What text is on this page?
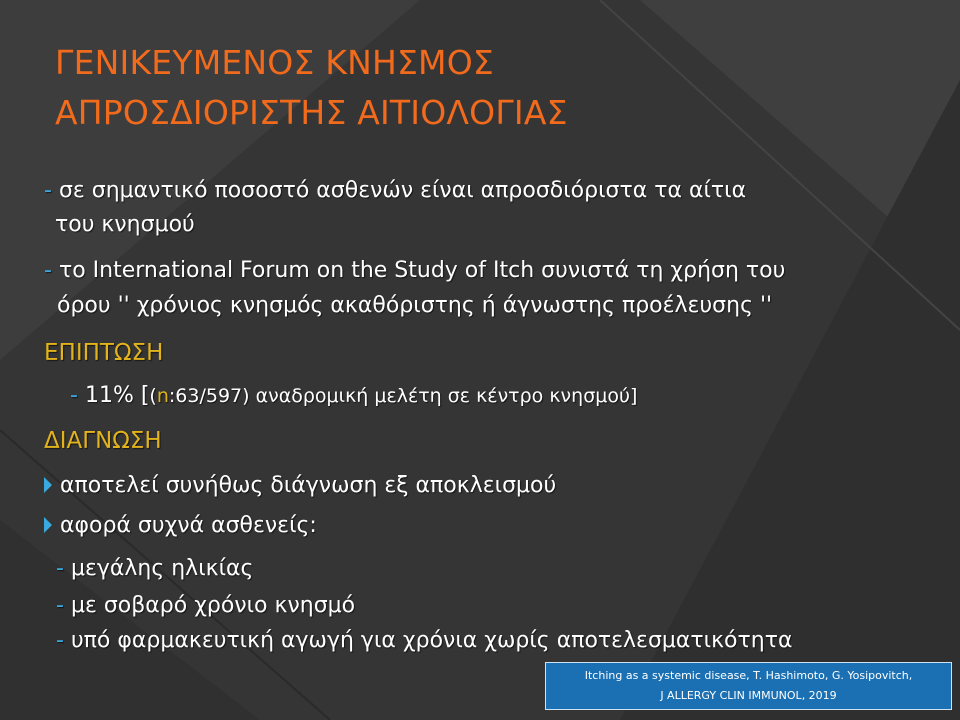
ΓΕΝΙΚΕΥΜΕΝΟΣ ΚΝΗΣΜΟΣ
ΑΠΡΟΣΔΙΟΡΙΣΤΗΣ ΑΙΤΙΟΛΟΓΙΑΣ
- σε σημαντικό ποσοστό ασθενών είναι απροσδιόριστα τα αίτια
του κνησμού
- το International Forum on the Study of Itch συνιστά τη χρήση του
όρου '' χρόνιος κνησμός ακαθόριστης ή άγνωστης προέλευσης ''
ΕΠΙΠΤΩΣΗ
- 11% [(n:63/597) αναδρομική μελέτη σε κέντρο κνησμού]
ΔΙΑΓΝΩΣΗ
αποτελεί συνήθως διάγνωση εξ αποκλεισμού
αφορά συχνά ασθενείς:
- μεγάλης ηλικίας
- με σοβαρό χρόνιο κνησμό
- υπό φαρμακευτική αγωγή για χρόνια χωρίς αποτελεσματικότητα
Itching as a systemic disease, T. Hashimoto, G. Yosipovitch,
J ALLERGY CLIN IMMUNOL, 2019
